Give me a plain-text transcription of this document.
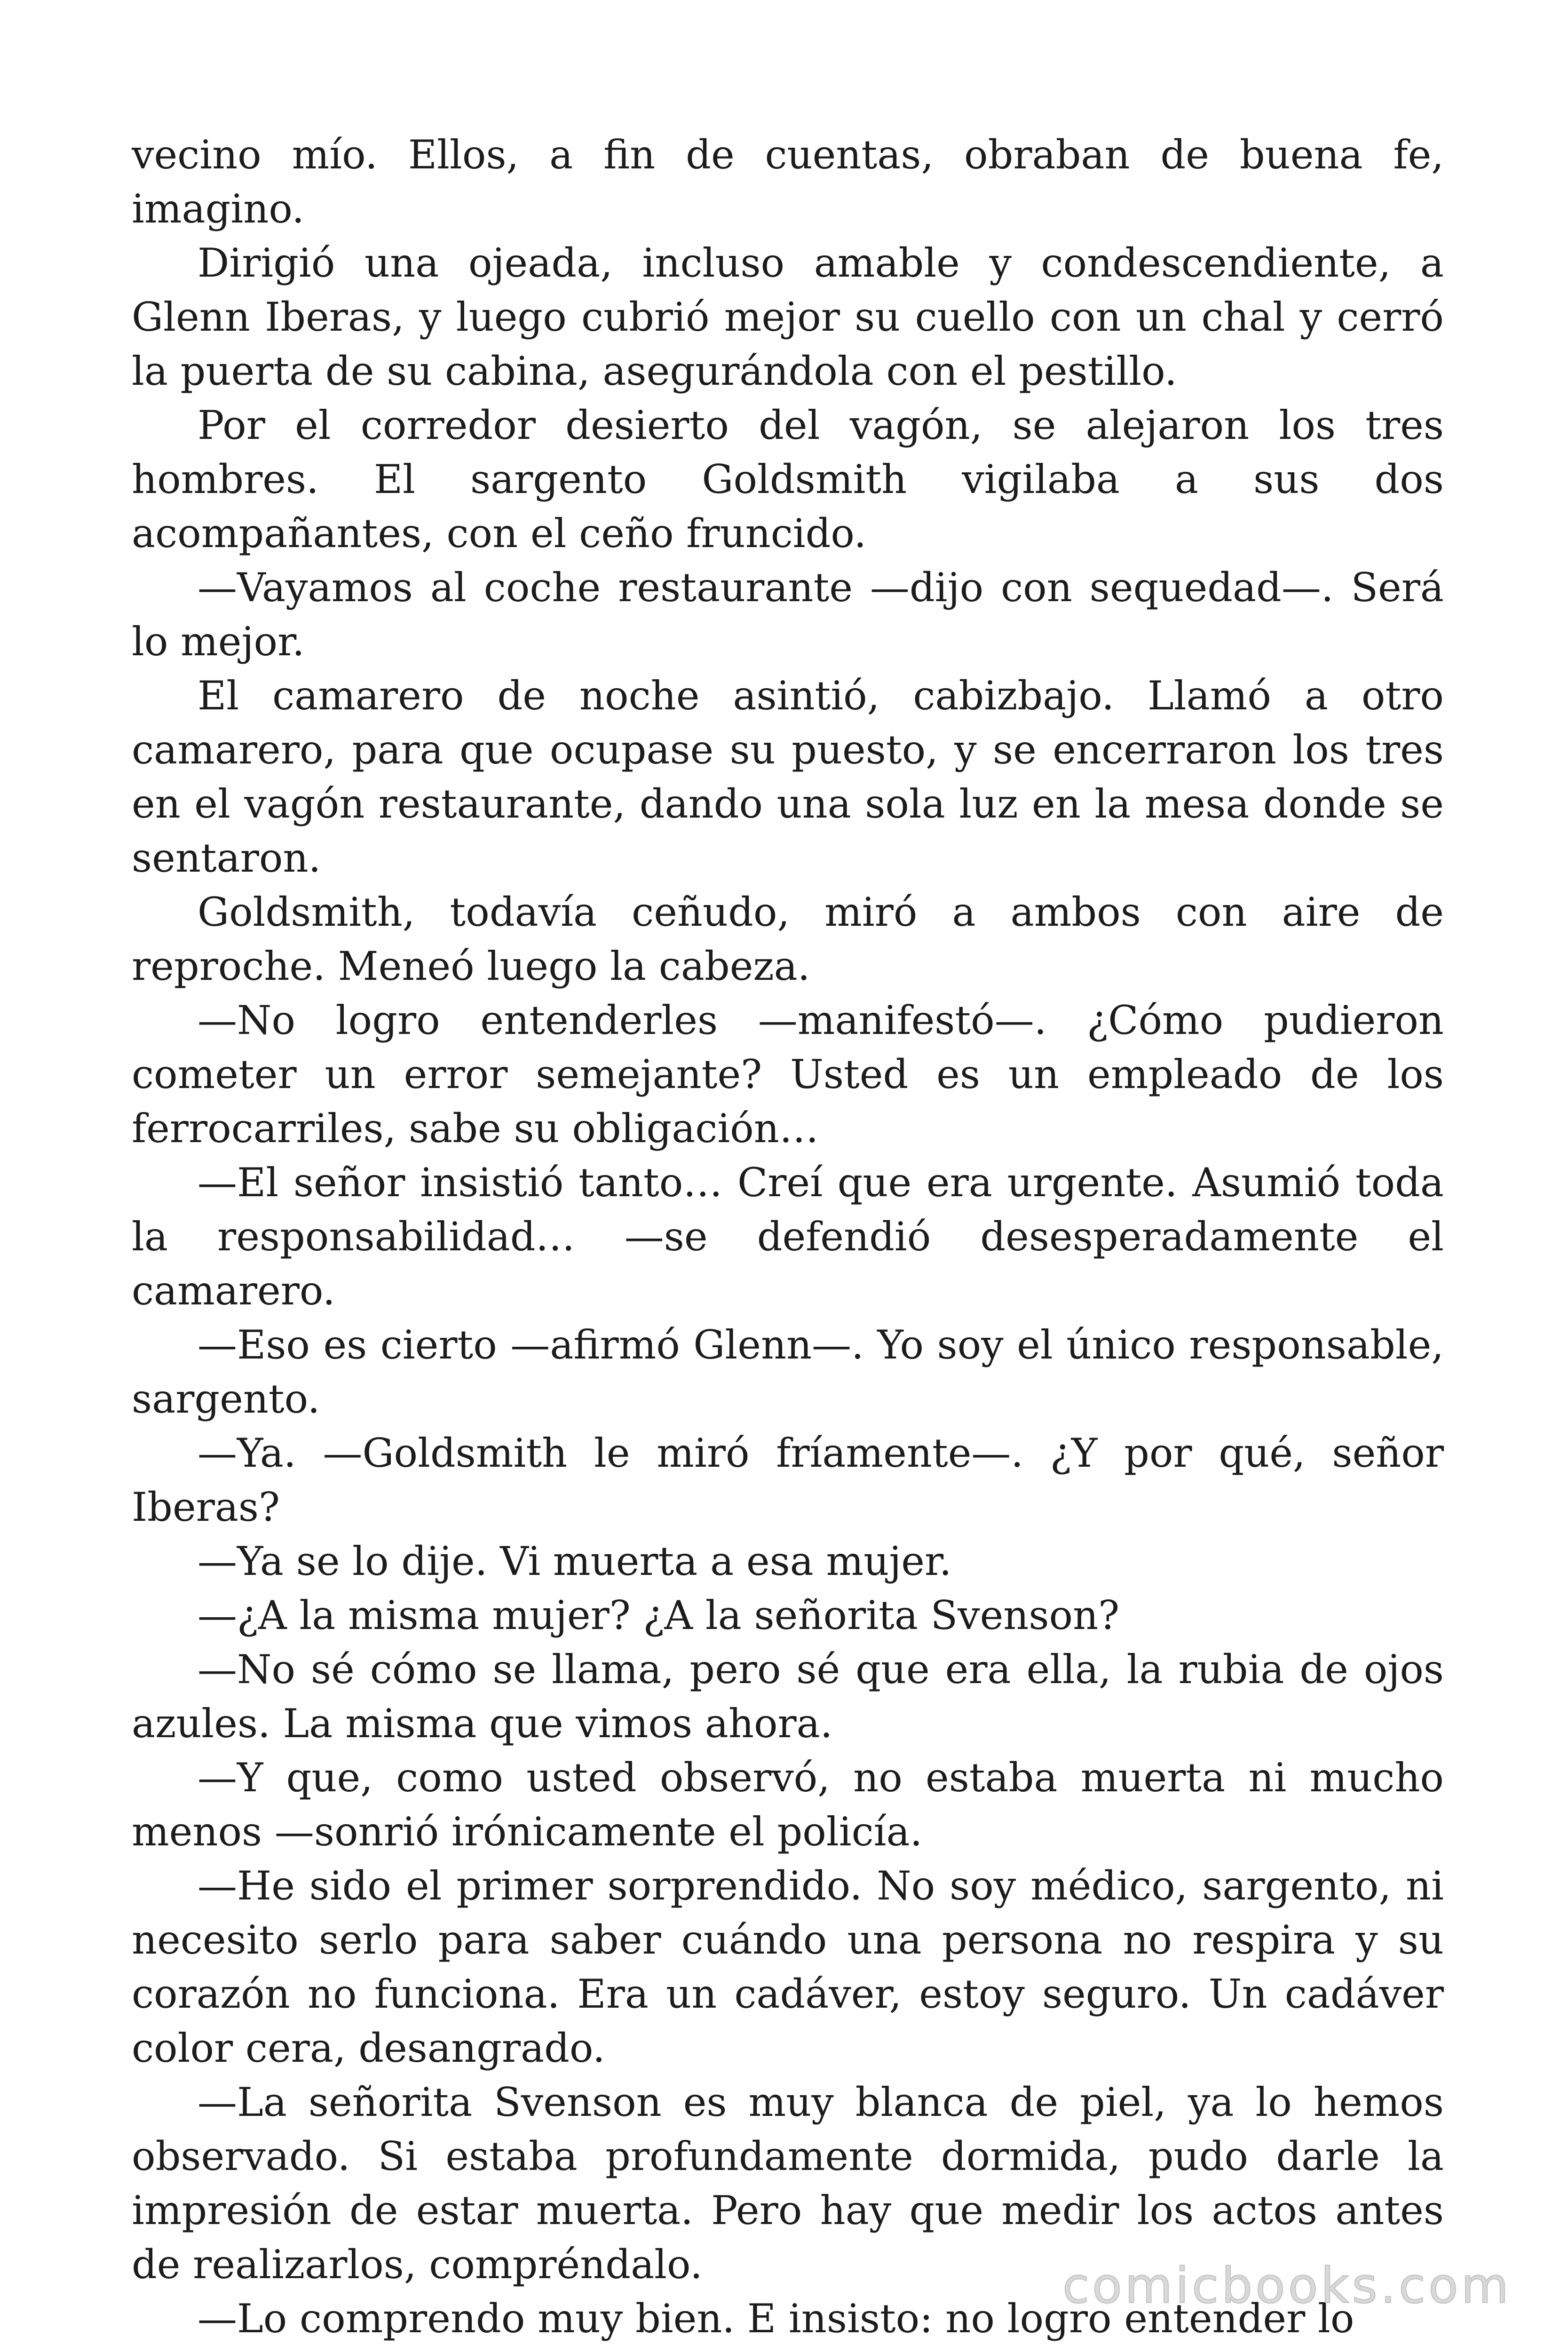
vecino mío. Ellos, a fin de cuentas, obraban de buena fe, imagino.

Dirigió una ojeada, incluso amable y condescendiente, a Glenn Iberas, y luego cubrió mejor su cuello con un chal y cerró la puerta de su cabina, asegurándola con el pestillo.

Por el corredor desierto del vagón, se alejaron los tres hombres. El sargento Goldsmith vigilaba a sus dos acompañantes, con el ceño fruncido.

—Vayamos al coche restaurante —dijo con sequedad—. Será lo mejor.

El camarero de noche asintió, cabizbajo. Llamó a otro camarero, para que ocupase su puesto, y se encerraron los tres en el vagón restaurante, dando una sola luz en la mesa donde se sentaron.

Goldsmith, todavía ceñudo, miró a ambos con aire de reproche. Meneó luego la cabeza.

—No logro entenderles —manifestó—. ¿Cómo pudieron cometer un error semejante? Usted es un empleado de los ferrocarriles, sabe su obligación…

—El señor insistió tanto… Creí que era urgente. Asumió toda la responsabilidad… —se defendió desesperadamente el camarero.

—Eso es cierto —afirmó Glenn—. Yo soy el único responsable, sargento.

—Ya. —Goldsmith le miró fríamente—. ¿Y por qué, señor Iberas?

—Ya se lo dije. Vi muerta a esa mujer.

—¿A la misma mujer? ¿A la señorita Svenson?

—No sé cómo se llama, pero sé que era ella, la rubia de ojos azules. La misma que vimos ahora.

—Y que, como usted observó, no estaba muerta ni mucho menos —sonrió irónicamente el policía.

—He sido el primer sorprendido. No soy médico, sargento, ni necesito serlo para saber cuándo una persona no respira y su corazón no funciona. Era un cadáver, estoy seguro. Un cadáver color cera, desangrado.

—La señorita Svenson es muy blanca de piel, ya lo hemos observado. Si estaba profundamente dormida, pudo darle la impresión de estar muerta. Pero hay que medir los actos antes de realizarlos, compréndalo.

—Lo comprendo muy bien. E insisto: no logro entender lo

comicbooks.com
